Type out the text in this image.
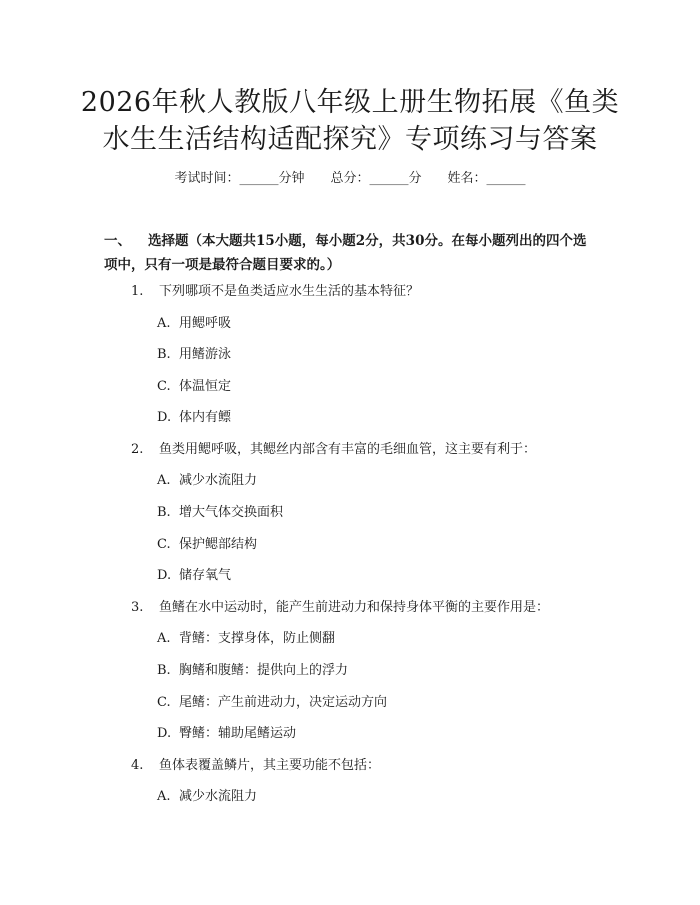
2026年秋人教版八年级上册生物拓展《鱼类
水生生活结构适配探究》专项练习与答案
考试时间：______分钟 总分：______分 姓名：______
一、 选择题（本大题共15小题，每小题2分，共30分。在每小题列出的四个选
项中，只有一项是最符合题目要求的。）
1. 下列哪项不是鱼类适应水生生活的基本特征？
A. 用鳃呼吸
B. 用鳍游泳
C. 体温恒定
D. 体内有鳔
2. 鱼类用鳃呼吸，其鳃丝内部含有丰富的毛细血管，这主要有利于：
A. 减少水流阻力
B. 增大气体交换面积
C. 保护鳃部结构
D. 储存氧气
3. 鱼鳍在水中运动时，能产生前进动力和保持身体平衡的主要作用是：
A. 背鳍：支撑身体，防止侧翻
B. 胸鳍和腹鳍：提供向上的浮力
C. 尾鳍：产生前进动力，决定运动方向
D. 臀鳍：辅助尾鳍运动
4. 鱼体表覆盖鳞片，其主要功能不包括：
A. 减少水流阻力
